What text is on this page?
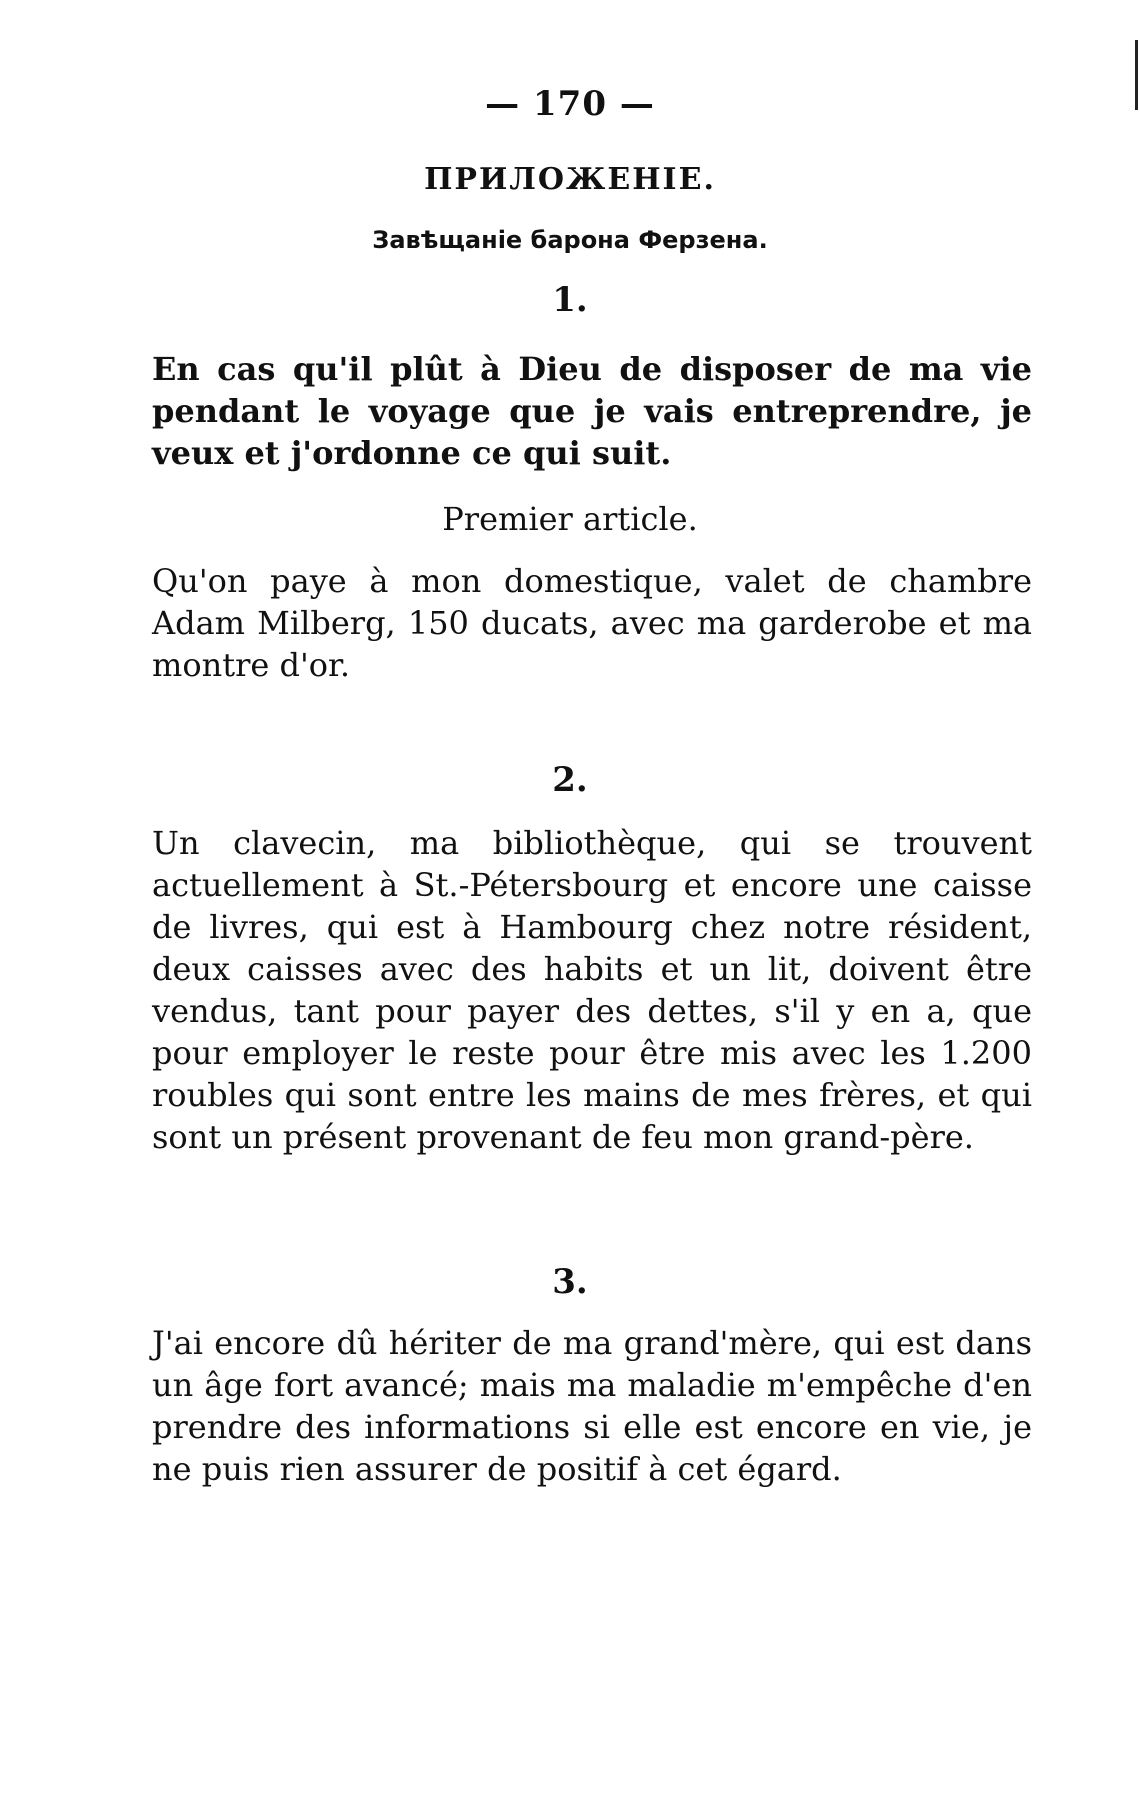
— 170 —
ПРИЛОЖЕНІЕ.
Завѣщаніе барона Ферзена.
1.
En cas qu'il plût à Dieu de disposer de ma vie pendant le voyage que je vais entreprendre, je veux et j'ordonne ce qui suit.
Premier article.
Qu'on paye à mon domestique, valet de chambre Adam Milberg, 150 ducats, avec ma garderobe et ma montre d'or.
2.
Un clavecin, ma bibliothèque, qui se trouvent actuellement à St.-Pétersbourg et encore une caisse de livres, qui est à Hambourg chez notre résident, deux caisses avec des habits et un lit, doivent être vendus, tant pour payer des dettes, s'il y en a, que pour employer le reste pour être mis avec les 1.200 roubles qui sont entre les mains de mes frères, et qui sont un présent provenant de feu mon grand-père.
3.
J'ai encore dû hériter de ma grand'mère, qui est dans un âge fort avancé; mais ma maladie m'empêche d'en prendre des informations si elle est encore en vie, je ne puis rien assurer de positif à cet égard.
